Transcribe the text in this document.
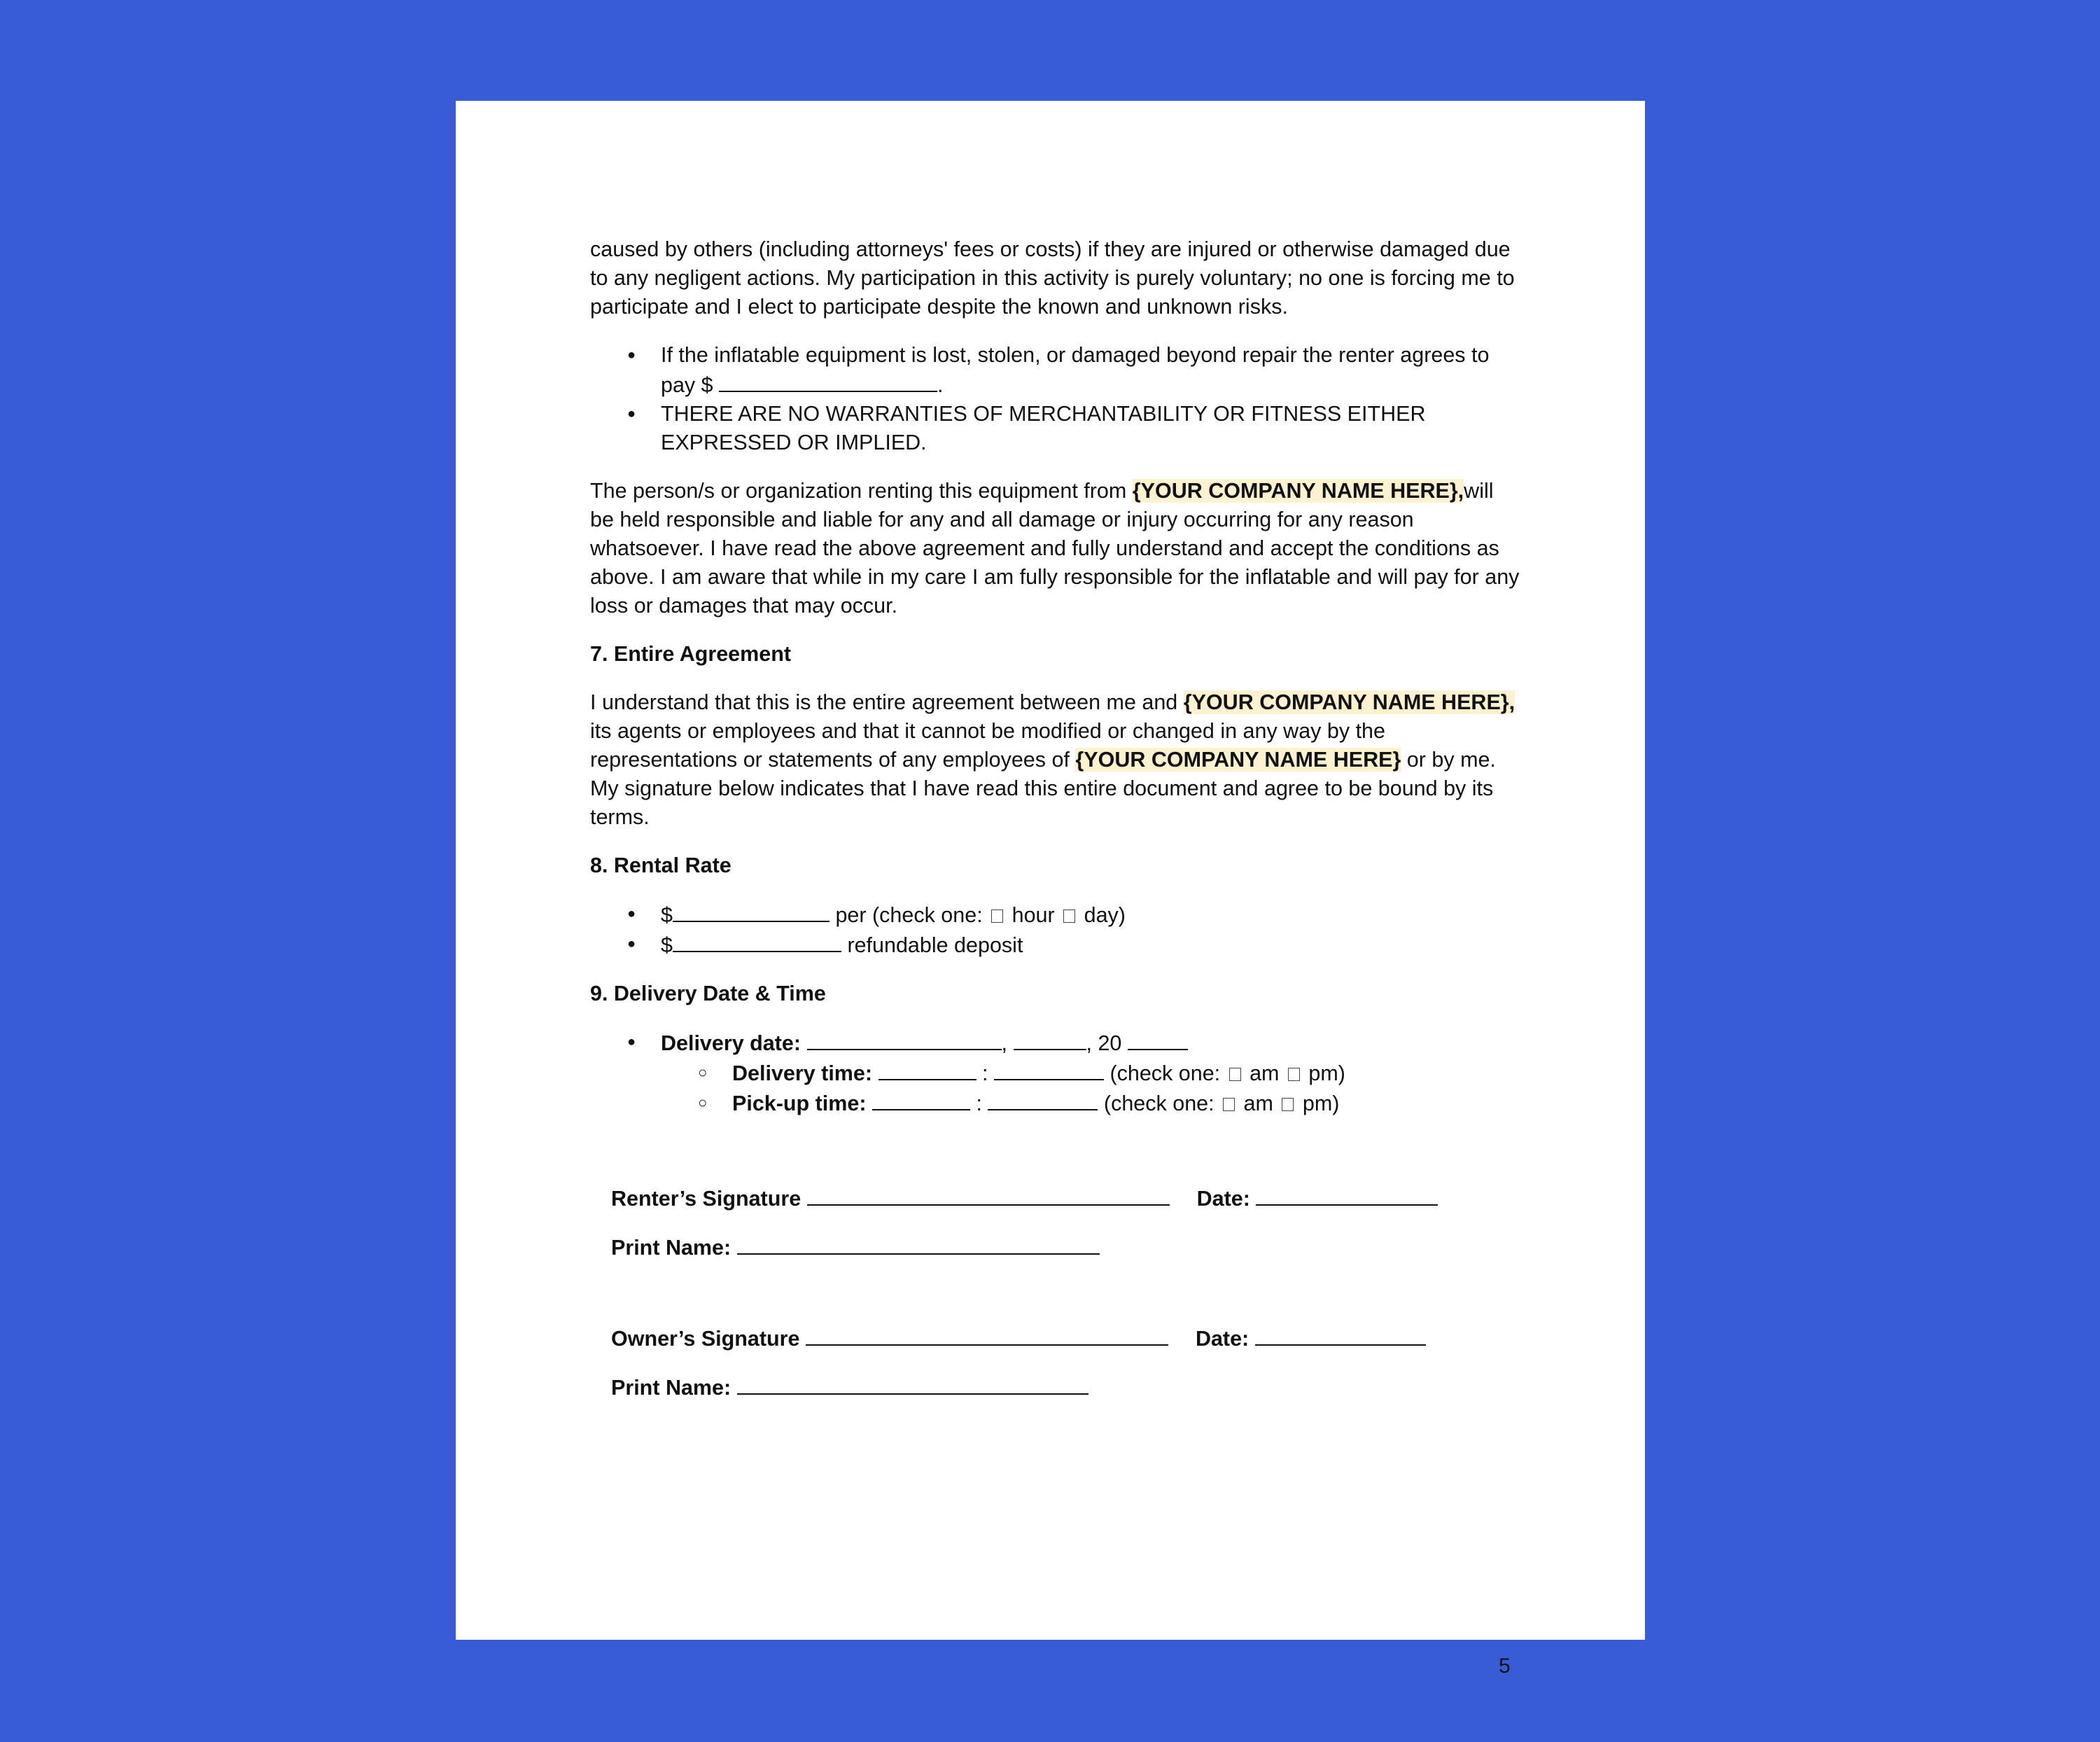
caused by others (including attorneys' fees or costs) if they are injured or otherwise damaged due to any negligent actions. My participation in this activity is purely voluntary; no one is forcing me to participate and I elect to participate despite the known and unknown risks.

● If the inflatable equipment is lost, stolen, or damaged beyond repair the renter agrees to pay $	.
● THERE ARE NO WARRANTIES OF MERCHANTABILITY OR FITNESS EITHER EXPRESSED OR IMPLIED.

The person/s or organization renting this equipment from {YOUR COMPANY NAME HERE},will be held responsible and liable for any and all damage or injury occurring for any reason whatsoever. I have read the above agreement and fully understand and accept the conditions as above. I am aware that while in my care I am fully responsible for the inflatable and will pay for any loss or damages that may occur.

7. Entire Agreement

I understand that this is the entire agreement between me and {YOUR COMPANY NAME HERE}, its agents or employees and that it cannot be modified or changed in any way by the representations or statements of any employees of {YOUR COMPANY NAME HERE} or by me. My signature below indicates that I have read this entire document and agree to be bound by its terms.

8. Rental Rate

● $	per (check one:  hour  day)
● $	refundable deposit

9. Delivery Date & Time

● Delivery date:	,	, 20
○ Delivery time:	:	(check one:  am  pm)
○ Pick-up time:	:	(check one:  am  pm)
Renter’s Signature	Date:
Print Name:
Owner’s Signature	Date:
Print Name:
5
